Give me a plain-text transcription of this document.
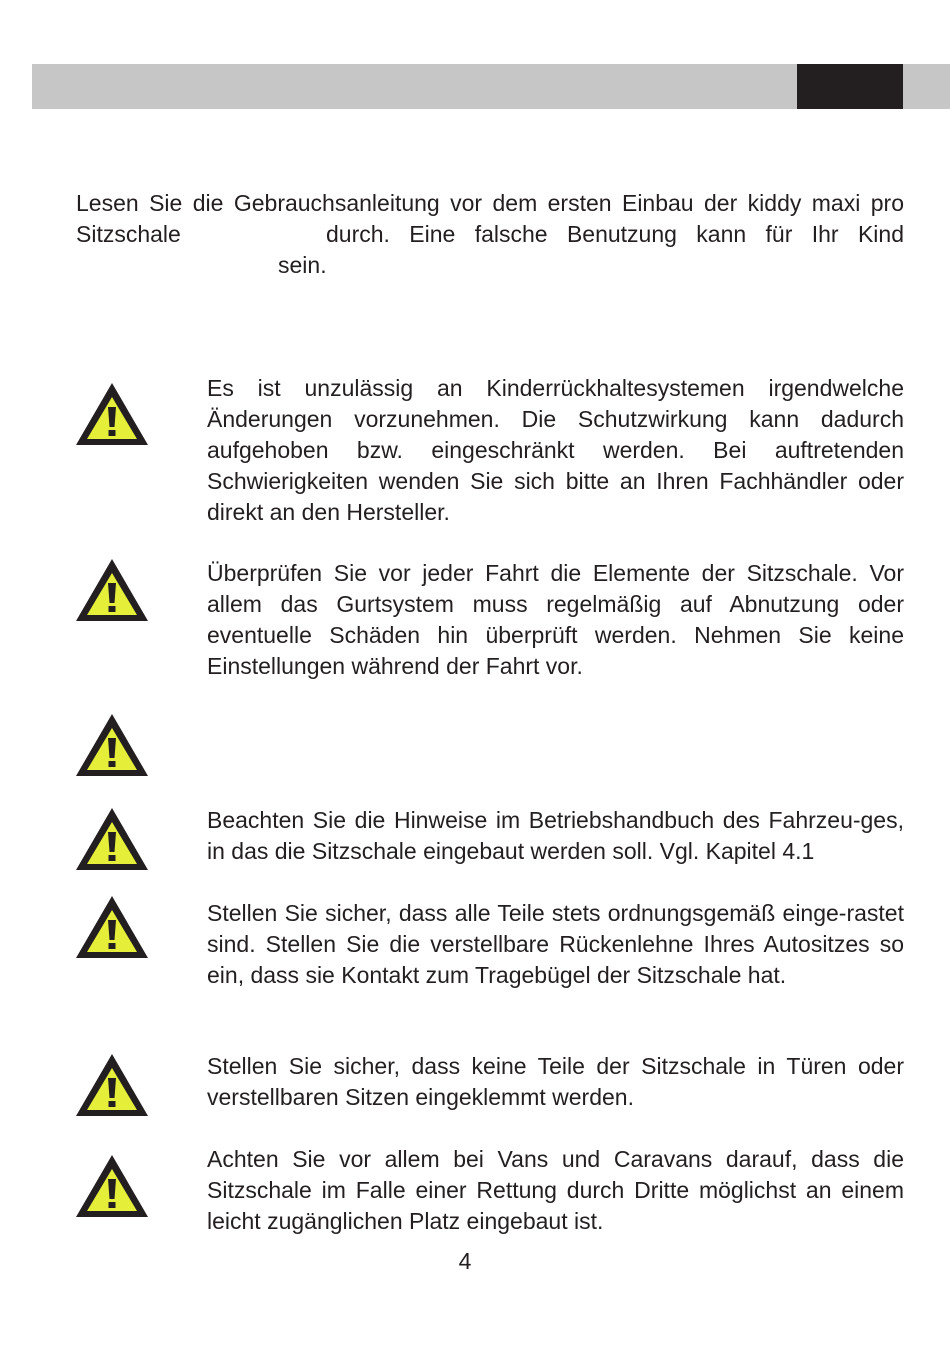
Lesen Sie die Gebrauchsanleitung vor dem ersten Einbau der kiddy maxi pro
Sitzschale	durch. Eine falsche Benutzung kann für Ihr Kind
sein.
Es ist unzulässig an Kinderrückhaltesystemen irgendwelche Änderungen vorzunehmen. Die Schutzwirkung kann dadurch aufgehoben bzw. eingeschränkt werden. Bei auftretenden Schwierigkeiten wenden Sie sich bitte an Ihren Fachhändler oder direkt an den Hersteller.
Überprüfen Sie vor jeder Fahrt die Elemente der Sitzschale. Vor allem das Gurtsystem muss regelmäßig auf Abnutzung oder eventuelle Schäden hin überprüft werden. Nehmen Sie keine Einstellungen während der Fahrt vor.
Beachten Sie die Hinweise im Betriebshandbuch des Fahrzeu-ges, in das die Sitzschale eingebaut werden soll. Vgl. Kapitel 4.1
Stellen Sie sicher, dass alle Teile stets ordnungsgemäß einge-rastet sind. Stellen Sie die verstellbare Rückenlehne Ihres Autositzes so ein, dass sie Kontakt zum Tragebügel der Sitzschale hat.
Stellen Sie sicher, dass keine Teile der Sitzschale in Türen oder verstellbaren Sitzen eingeklemmt werden.
Achten Sie vor allem bei Vans und Caravans darauf, dass die Sitzschale im Falle einer Rettung durch Dritte möglichst an einem leicht zugänglichen Platz eingebaut ist.
4
